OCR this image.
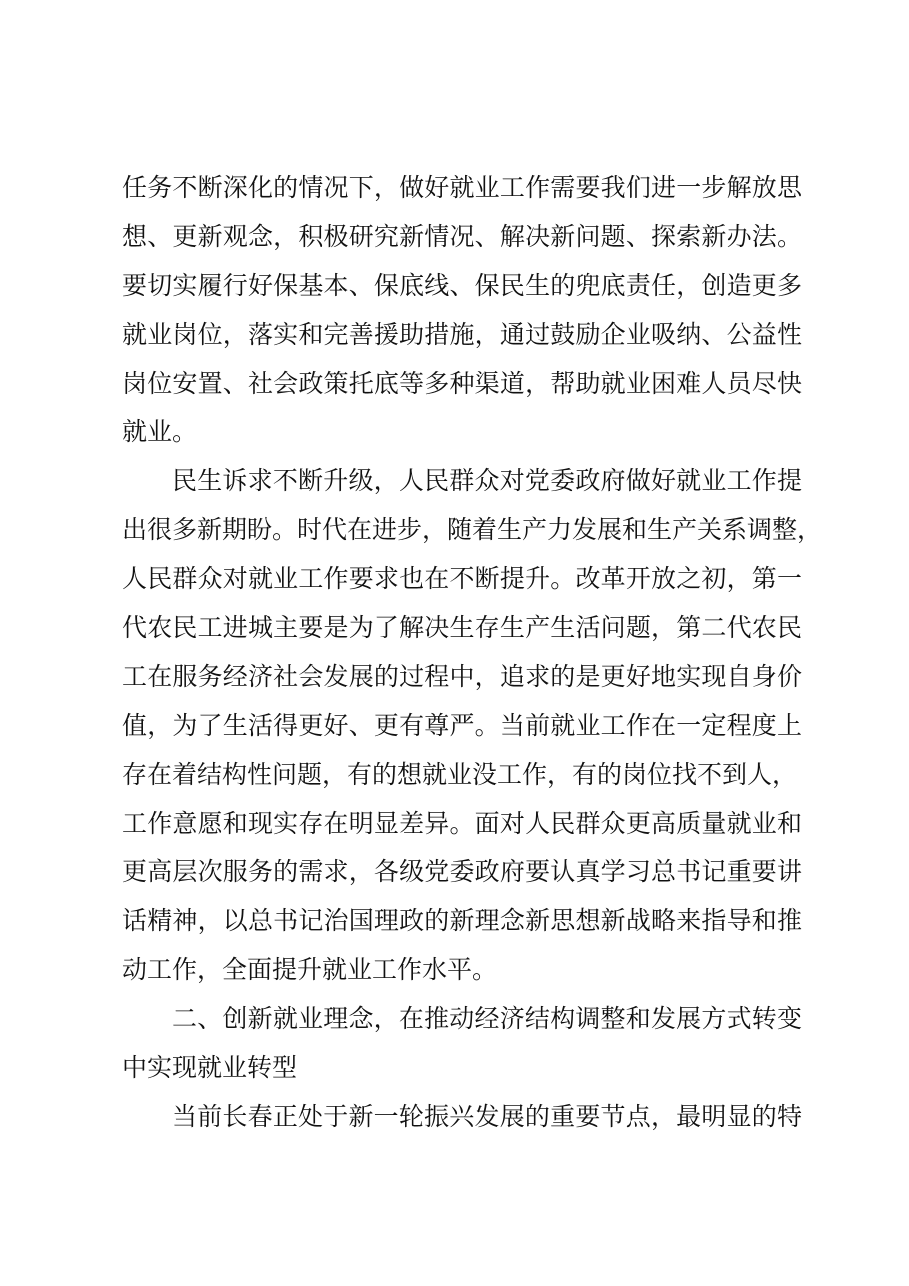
任务不断深化的情况下，做好就业工作需要我们进一步解放思
想、更新观念，积极研究新情况、解决新问题、探索新办法。
要切实履行好保基本、保底线、保民生的兜底责任，创造更多
就业岗位，落实和完善援助措施，通过鼓励企业吸纳、公益性
岗位安置、社会政策托底等多种渠道，帮助就业困难人员尽快
就业。
民生诉求不断升级，人民群众对党委政府做好就业工作提
出很多新期盼。时代在进步，随着生产力发展和生产关系调整，
人民群众对就业工作要求也在不断提升。改革开放之初，第一
代农民工进城主要是为了解决生存生产生活问题，第二代农民
工在服务经济社会发展的过程中，追求的是更好地实现自身价
值，为了生活得更好、更有尊严。当前就业工作在一定程度上
存在着结构性问题，有的想就业没工作，有的岗位找不到人，
工作意愿和现实存在明显差异。面对人民群众更高质量就业和
更高层次服务的需求，各级党委政府要认真学习总书记重要讲
话精神，以总书记治国理政的新理念新思想新战略来指导和推
动工作，全面提升就业工作水平。
二、创新就业理念，在推动经济结构调整和发展方式转变
中实现就业转型
当前长春正处于新一轮振兴发展的重要节点，最明显的特
